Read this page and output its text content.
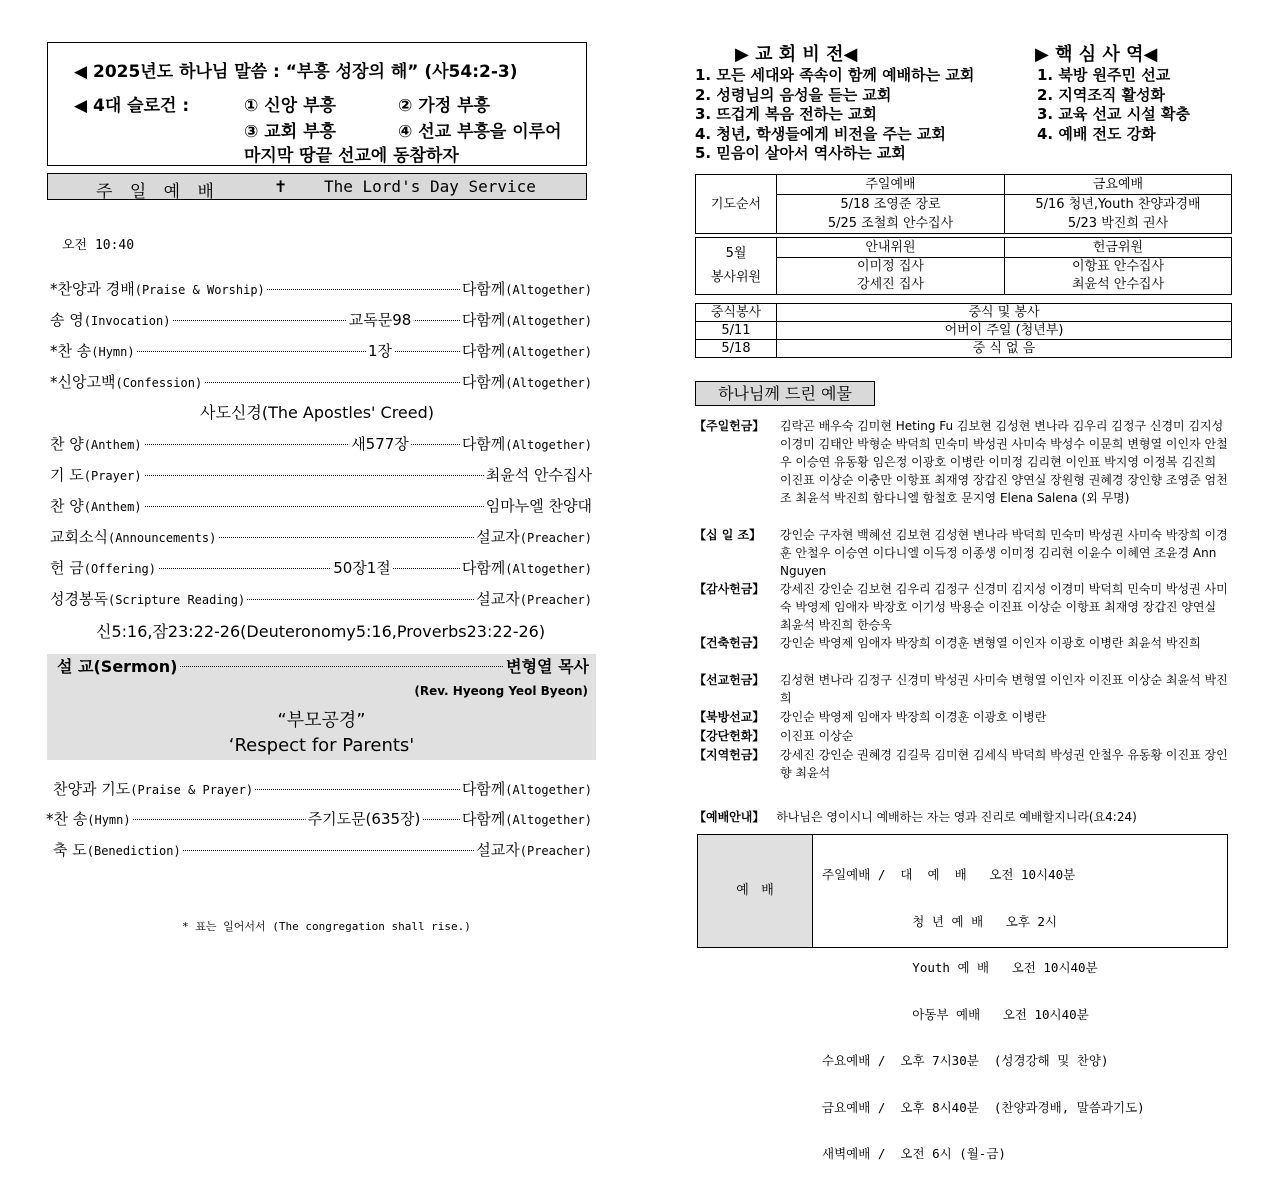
◀ 2025년도 하나님 말씀 : “부흥 성장의 해” (사54:2-3)
◀ 4대 슬로건 :	① 신앙 부흥	② 가정 부흥
③ 교회 부흥	④ 선교 부흥을 이루어
마지막 땅끝 선교에 동참하자
주 일 예 배	✝ The Lord's Day Service
오전 10:40
*찬양과 경배(Praise & Worship)	다함께(Altogether)
송 영(Invocation)	교독문98	다함께(Altogether)
*찬 송(Hymn)	1장	다함께(Altogether)
*신앙고백(Confession)	다함께(Altogether)
찬 양(Anthem)	새577장	다함께(Altogether)
기 도(Prayer)	최윤석 안수집사
찬 양(Anthem)	임마누엘 찬양대
교회소식(Announcements)	설교자(Preacher)
헌 금(Offering)	50장1절	다함께(Altogether)
성경봉독(Scripture Reading)	설교자(Preacher)
사도신경(The Apostles' Creed)
신5:16,잠23:22-26(Deuteronomy5:16,Proverbs23:22-26)
설 교(Sermon)	변형열 목사
(Rev. Hyeong Yeol Byeon)
“부모공경”
‘Respect for Parents'
찬양과 기도(Praise & Prayer)	다함께(Altogether)
*찬 송(Hymn)	주기도문(635장)	다함께(Altogether)
축 도(Benediction)	설교자(Preacher)
* 표는 일어서서 (The congregation shall rise.)
▶ 교 회 비 전◀	▶ 핵 심 사 역◀
1. 모든 세대와 족속이 함께 예배하는 교회
2. 성령님의 음성을 듣는 교회
3. 뜨겁게 복음 전하는 교회
4. 청년, 학생들에게 비전을 주는 교회
5. 믿음이 살아서 역사하는 교회
1. 북방 원주민 선교
2. 지역조직 활성화
3. 교육 선교 시설 확충
4. 예배 전도 강화
기도순서	주일예배	금요예배
	5/18 조영준 장로	5/16 청년,Youth 찬양과경배
	5/25 조철희 안수집사	5/23 박진희 권사
5월
봉사위원	안내위원	헌금위원
	이미정 집사	이항표 안수집사
	강세진 집사	최윤석 안수집사
중식봉사	중식 및 봉사
5/11	어버이 주일 (청년부)
5/18	중 식 없 음
하나님께 드린 예물
【주일헌금】 김락곤 배우숙 김미현 Heting Fu 김보현 김성현 변나라 김우리 김정구 신경미 김지성 이경미 김태안 박형순 박덕희 민숙미 박성권 사미숙 박성수 이문희 변형열 이인자 안철우 이승연 유동황 임은정 이광호 이병란 이미정 김리현 이인표 박지영 이정복 김진희 이진표 이상순 이충만 이항표 최재영 장갑진 양연실 장원형 권혜경 장인향 조영준 엄천조 최윤석 박진희 함다니엘 함철호 문지영 Elena Salena (외 무명)
【십 일 조】 강인순 구자현 백혜선 김보현 김성현 변나라 박덕희 민숙미 박성권 사미숙 박장희 이경훈 안철우 이승연 이다니엘 이득정 이종생 이미정 김리현 이윤수 이혜연 조윤경 Ann Nguyen
【감사헌금】 강세진 강인순 김보현 김우리 김정구 신경미 김지성 이경미 박덕희 민숙미 박성권 사미숙 박영제 임애자 박장호 이기성 박용순 이진표 이상순 이항표 최재영 장갑진 양연실 최윤석 박진희 한승욱
【건축헌금】 강인순 박영제 임애자 박장희 이경훈 변형열 이인자 이광호 이병란 최윤석 박진희
【선교헌금】 김성현 변나라 김정구 신경미 박성권 사미숙 변형열 이인자 이진표 이상순 최윤석 박진희
【북방선교】 강인순 박영제 임애자 박장희 이경훈 이광호 이병란
【강단헌화】 이진표 이상순
【지역헌금】 강세진 강인순 권혜경 김길묵 김미현 김세식 박덕희 박성권 안철우 유동황 이진표 장인향 최윤석
【예배안내】 하나님은 영이시니 예배하는 자는 영과 진리로 예배할지니라(요4:24)
예   배

주일예배 /  대  예  배   오전 10시40분

청 년 예 배   오후 2시

Youth 예 배   오전 10시40분

아동부 예배   오전 10시40분

수요예배 /  오후 7시30분  (성경강해 및 찬양)

금요예배 /  오후 8시40분  (찬양과경배, 말씀과기도)

새벽예배 /  오전 6시 (월-금)
